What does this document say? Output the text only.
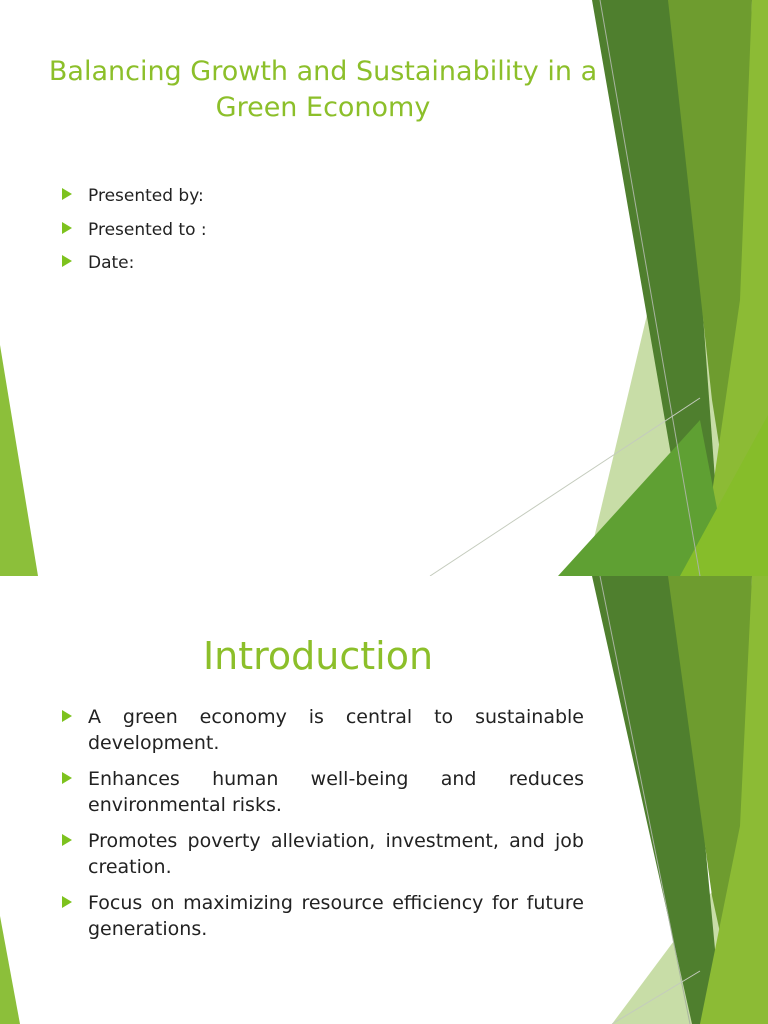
Balancing Growth and Sustainability in a Green Economy
Presented by:
Presented to :
Date:
Introduction
A green economy is central to sustainable development.
Enhances human well-being and reduces environmental risks.
Promotes poverty alleviation, investment, and job creation.
Focus on maximizing resource efficiency for future generations.
